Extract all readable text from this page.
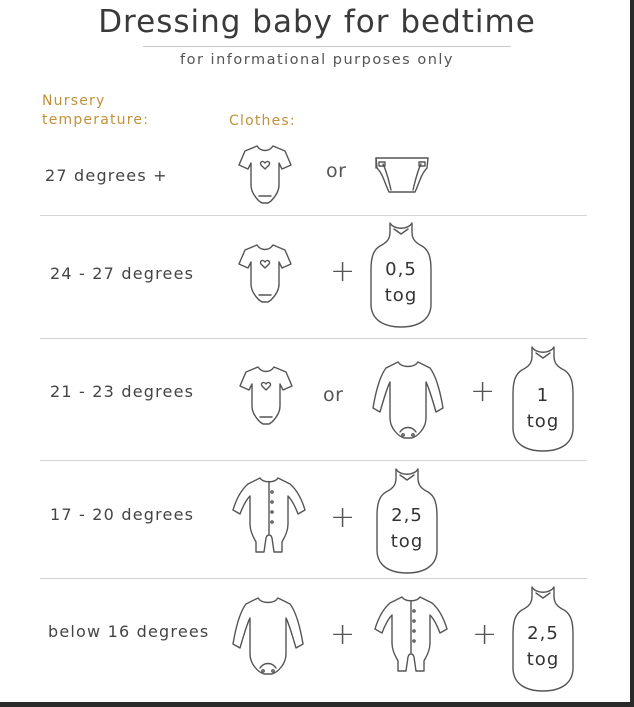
Dressing baby for bedtime
for informational purposes only
Nursery
temperature:	Clothes:
27 degrees +	or
24 - 27 degrees	+	0,5
tog
21 - 23 degrees	or	+	1
tog
17 - 20 degrees	+	2,5
tog
below 16 degrees	+	+	2,5
tog
